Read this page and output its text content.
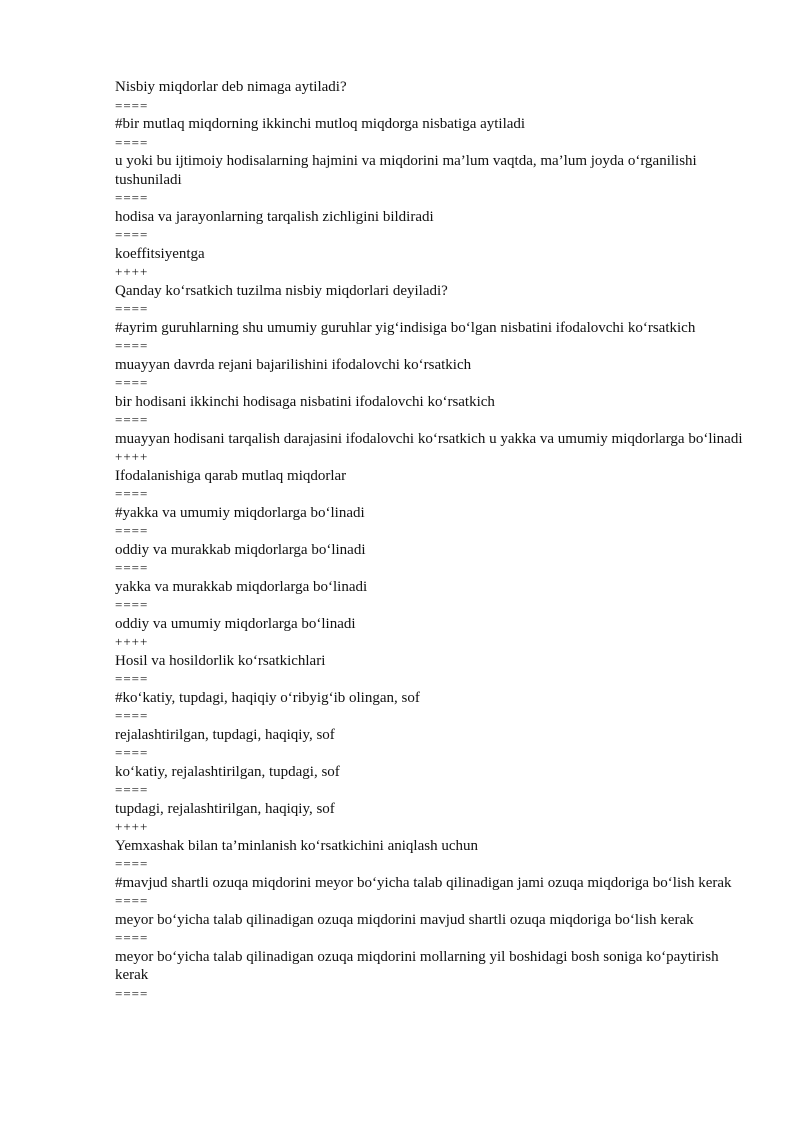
Nisbiy miqdorlar deb nimaga aytiladi?
====
#bir mutlaq miqdorning ikkinchi mutloq miqdorga nisbatiga aytiladi
====
u yoki bu ijtimoiy hodisalarning hajmini va miqdorini ma’lum vaqtda, ma’lum joyda o‘rganilishi tushuniladi
====
hodisa va jarayonlarning tarqalish zichligini bildiradi
====
koeffitsiyentga
++++
Qanday ko‘rsatkich tuzilma nisbiy miqdorlari deyiladi?
====
#ayrim guruhlarning shu umumiy guruhlar yig‘indisiga bo‘lgan nisbatini ifodalovchi ko‘rsatkich
====
muayyan davrda rejani bajarilishini ifodalovchi ko‘rsatkich
====
bir hodisani ikkinchi hodisaga nisbatini ifodalovchi ko‘rsatkich
====
muayyan hodisani tarqalish darajasini ifodalovchi ko‘rsatkich u yakka va umumiy miqdorlarga bo‘linadi
++++
Ifodalanishiga qarab mutlaq miqdorlar
====
#yakka va umumiy miqdorlarga bo‘linadi
====
oddiy va murakkab miqdorlarga bo‘linadi
====
yakka va murakkab miqdorlarga bo‘linadi
====
oddiy va umumiy miqdorlarga bo‘linadi
++++
Hosil va hosildorlik ko‘rsatkichlari
====
#ko‘katiy, tupdagi, haqiqiy o‘ribyig‘ib olingan, sof
====
rejalashtirilgan, tupdagi, haqiqiy, sof
====
ko‘katiy, rejalashtirilgan, tupdagi, sof
====
tupdagi, rejalashtirilgan, haqiqiy, sof
++++
Yemxashak bilan ta’minlanish ko‘rsatkichini aniqlash uchun
====
#mavjud shartli ozuqa miqdorini meyor bo‘yicha talab qilinadigan jami ozuqa miqdoriga bo‘lish kerak
====
meyor bo‘yicha talab qilinadigan ozuqa miqdorini mavjud shartli ozuqa miqdoriga bo‘lish kerak
====
meyor bo‘yicha talab qilinadigan ozuqa miqdorini mollarning yil boshidagi bosh soniga ko‘paytirish kerak
====
